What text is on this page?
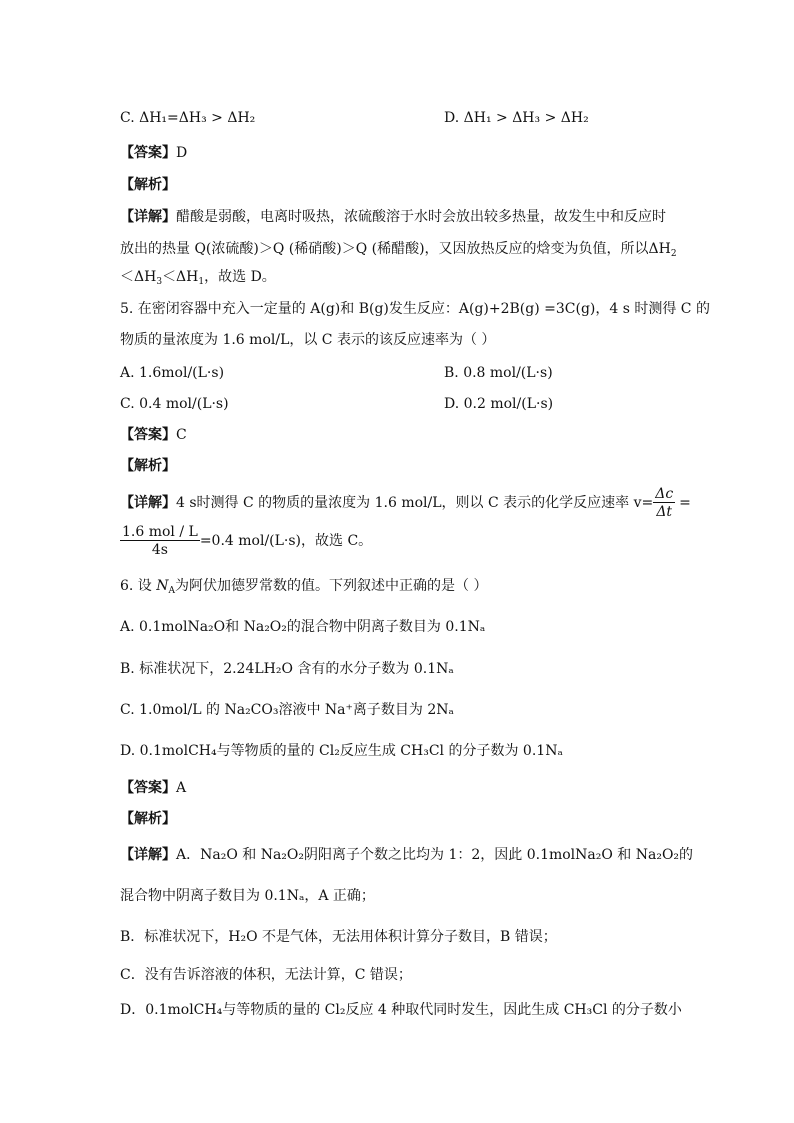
C. ΔH₁=ΔH₃ > ΔH₂	D. ΔH₁ > ΔH₃ > ΔH₂
【答案】D
【解析】
【详解】醋酸是弱酸，电离时吸热，浓硫酸溶于水时会放出较多热量，故发生中和反应时
放出的热量 Q(浓硫酸)＞Q (稀硝酸)＞Q (稀醋酸)，又因放热反应的焓变为负值，所以$\Delta H_2$
$<\Delta H_3<\Delta H_1$，故选 D。
5. 在密闭容器中充入一定量的 A(g)和 B(g)发生反应：A(g)+2B(g) =3C(g)，4 s 时测得 C 的
物质的量浓度为 1.6 mol/L，以 C 表示的该反应速率为（ ）
A. 1.6mol/(L·s)	B. 0.8 mol/(L·s)
C. 0.4 mol/(L·s)	D. 0.2 mol/(L·s)
【答案】C
【解析】
【详解】4 s时测得 C 的物质的量浓度为 1.6 mol/L，则以 C 表示的化学反应速率 $v= \frac{\Delta c}{\Delta t}$ =
$\frac{\text{1.6 mol / L}}{4s} =0.4$ mol/(L·s)，故选 C。
6. 设 $N_A$为阿伏加德罗常数的值。下列叙述中正确的是（ ）
A. 0.1molNa₂O和 Na₂O₂的混合物中阴离子数目为 0.1Nₐ
B. 标准状况下，2.24LH₂O 含有的水分子数为 0.1Nₐ
C. 1.0mol/L 的 Na₂CO₃溶液中 Na⁺离子数目为 2Nₐ
D. 0.1molCH₄与等物质的量的 Cl₂反应生成 CH₃Cl 的分子数为 0.1Nₐ
【答案】A
【解析】
【详解】A．Na₂O 和 Na₂O₂阴阳离子个数之比均为 1：2，因此 0.1molNa₂O 和 Na₂O₂的
混合物中阴离子数目为 0.1Nₐ，A 正确；
B．标准状况下，H₂O 不是气体，无法用体积计算分子数目，B 错误；
C．没有告诉溶液的体积，无法计算，C 错误；
D．0.1molCH₄与等物质的量的 Cl₂反应 4 种取代同时发生，因此生成 CH₃Cl 的分子数小
